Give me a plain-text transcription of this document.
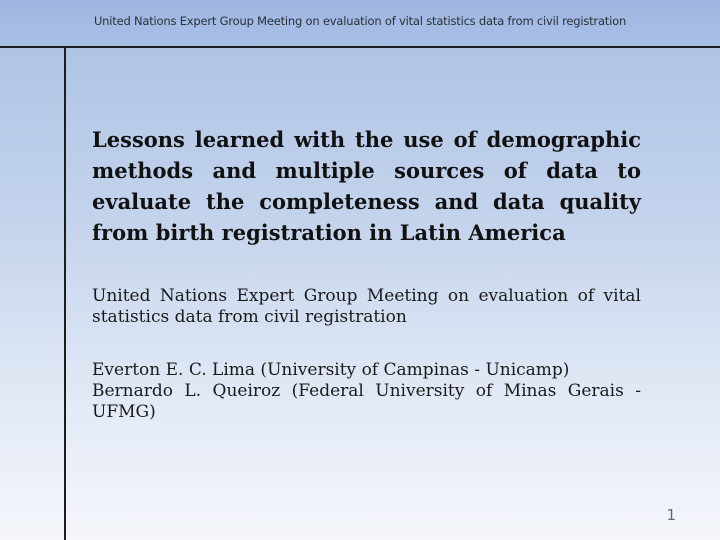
United Nations Expert Group Meeting on evaluation of vital statistics data from civil registration
Lessons learned with the use of demographic methods and multiple sources of data to evaluate the completeness and data quality from birth registration in Latin America

United Nations Expert Group Meeting on evaluation of vital statistics data from civil registration

Everton E. C. Lima (University of Campinas - Unicamp)
Bernardo L. Queiroz (Federal University of Minas Gerais - UFMG)

1
